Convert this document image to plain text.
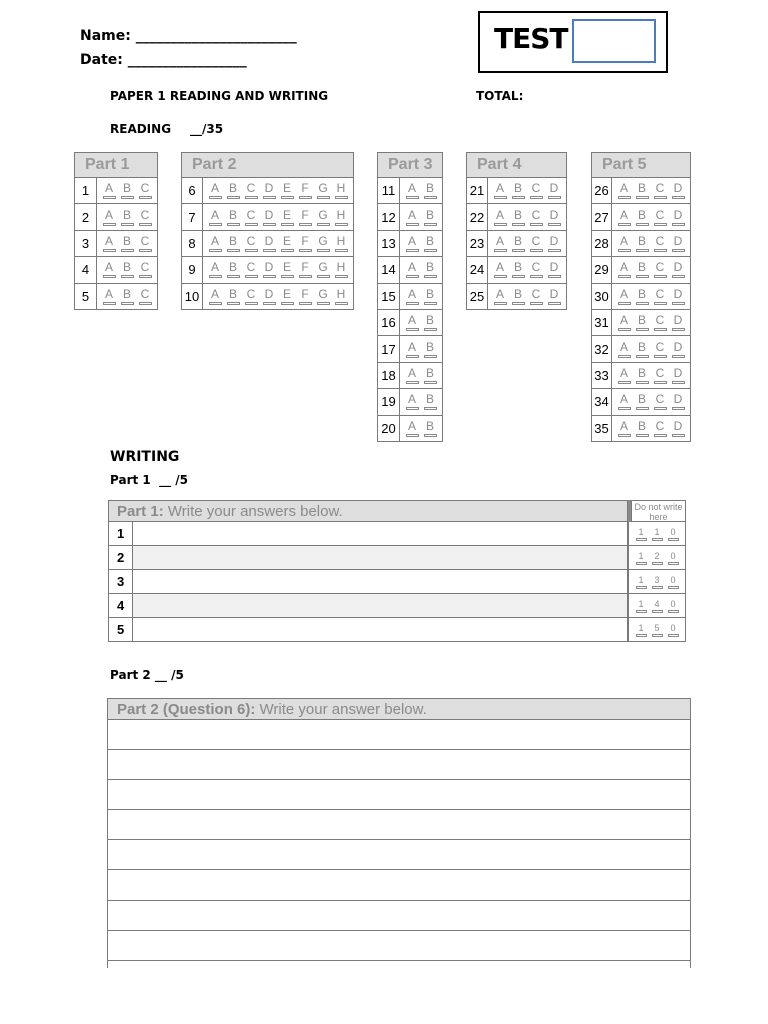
Name: _______________________
Date: _________________
TEST
PAPER 1 READING AND WRITING	TOTAL:
READING __/35
Part 1
1	A B C
2	A B C
3	A B C
4	A B C
5	A B C
Part 2
6	A B C D E F G H
7	A B C D E F G H
8	A B C D E F G H
9	A B C D E F G H
10 A B C D E F G H
Part 3
11	A B
12	A B
13	A B
14	A B
15	A B
16	A B
17	A B
18	A B
19	A B
20	A B
Part 4
21 A B C D
22 A B C D
23 A B C D
24 A B C D
25 A B C D
Part 5
26 A B C D
27 A B C D
28 A B C D
29 A B C D
30 A B C D
31 A B C D
32 A B C D
33 A B C D
34 A B C D
35 A B C D
WRITING
Part 1  __ /5
Part 1: Write your answers below.	Do not write here
1	1 1 0
2	1 2 0
3	1 3 0
4	1 4 0
5	1 5 0
Part 2 __ /5
Part 2 (Question 6): Write your answer below.
